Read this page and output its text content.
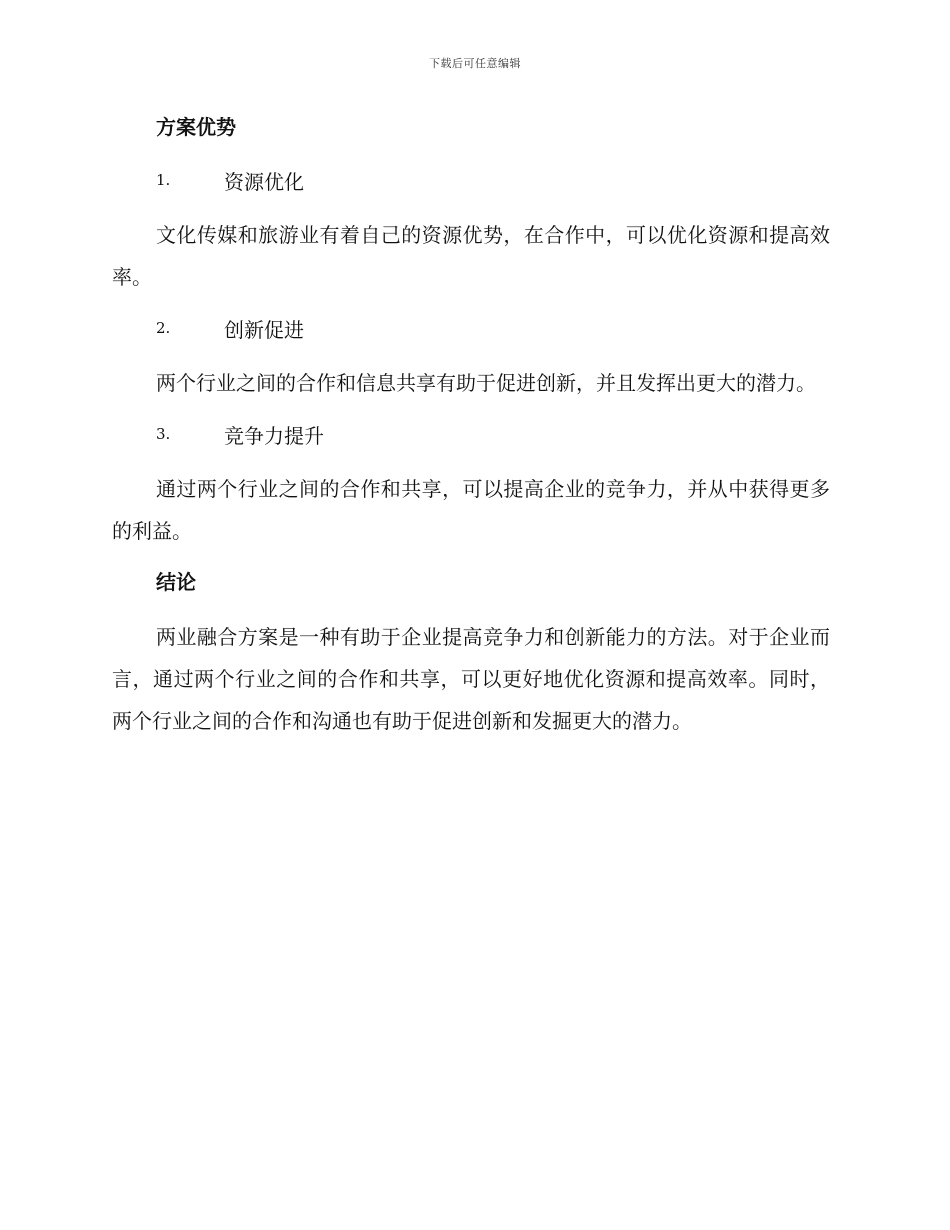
下载后可任意编辑
方案优势
1.	资源优化

文化传媒和旅游业有着自己的资源优势，在合作中，可以优化资源和提高效率。

2.	创新促进

两个行业之间的合作和信息共享有助于促进创新，并且发挥出更大的潜力。

3.	竞争力提升

通过两个行业之间的合作和共享，可以提高企业的竞争力，并从中获得更多的利益。

结论

两业融合方案是一种有助于企业提高竞争力和创新能力的方法。对于企业而言，通过两个行业之间的合作和共享，可以更好地优化资源和提高效率。同时，两个行业之间的合作和沟通也有助于促进创新和发掘更大的潜力。
